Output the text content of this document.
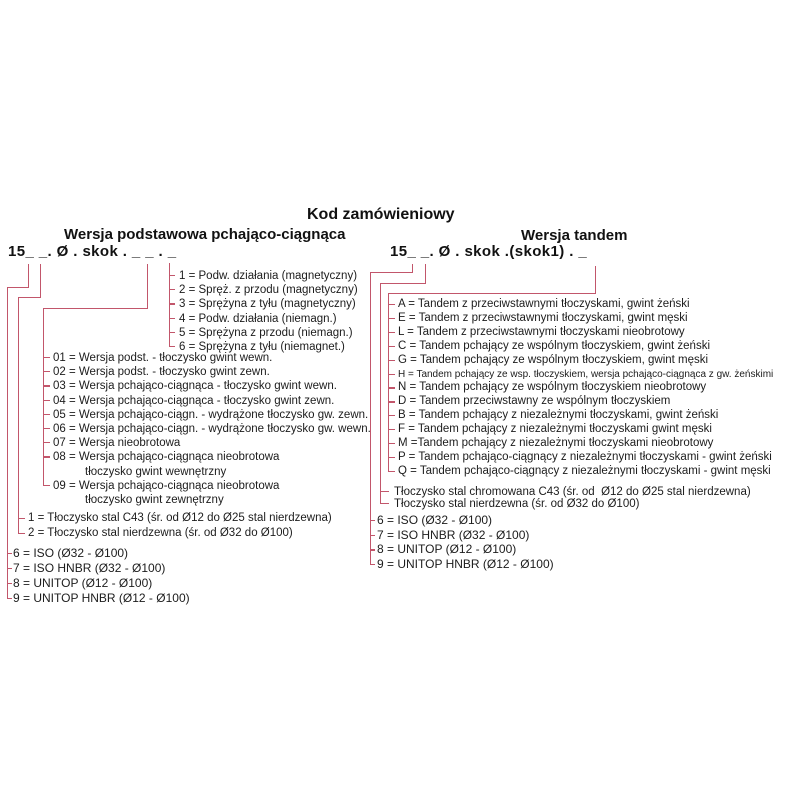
Kod zamówieniowy
Wersja podstawowa pchająco-ciągnąca	Wersja tandem
15_ _. Ø . skok . _ _ . _	15_ _. Ø . skok .(skok1) . _
1 = Podw. działania (magnetyczny)
2 = Spręż. z przodu (magnetyczny)
3 = Sprężyna z tyłu (magnetyczny)
4 = Podw. działania (niemagn.)
5 = Sprężyna z przodu (niemagn.)
6 = Sprężyna z tyłu (niemagnet.)
01 = Wersja podst. - tłoczysko gwint wewn.
02 = Wersja podst. - tłoczysko gwint zewn.
03 = Wersja pchająco-ciągnąca - tłoczysko gwint wewn.
04 = Wersja pchająco-ciągnąca - tłoczysko gwint zewn.
05 = Wersja pchająco-ciągn. - wydrążone tłoczysko gw. zewn.
06 = Wersja pchająco-ciągn. - wydrążone tłoczysko gw. wewn.
07 = Wersja nieobrotowa
08 = Wersja pchająco-ciągnąca nieobrotowa
tłoczysko gwint wewnętrzny
09 = Wersja pchająco-ciągnąca nieobrotowa
tłoczysko gwint zewnętrzny
1 = Tłoczysko stal C43 (śr. od Ø12 do Ø25 stal nierdzewna)
2 = Tłoczysko stal nierdzewna (śr. od Ø32 do Ø100)
6 = ISO (Ø32 - Ø100)
7 = ISO HNBR (Ø32 - Ø100)
8 = UNITOP (Ø12 - Ø100)
9 = UNITOP HNBR (Ø12 - Ø100)
A = Tandem z przeciwstawnymi tłoczyskami, gwint żeński
E = Tandem z przeciwstawnymi tłoczyskami, gwint męski
L = Tandem z przeciwstawnymi tłoczyskami nieobrotowy
C = Tandem pchający ze wspólnym tłoczyskiem, gwint żeński
G = Tandem pchający ze wspólnym tłoczyskiem, gwint męski
H = Tandem pchający ze wsp. tłoczyskiem, wersja pchająco-ciągnąca z gw. żeńskimi
N = Tandem pchający ze wspólnym tłoczyskiem nieobrotowy
D = Tandem przeciwstawny ze wspólnym tłoczyskiem
B = Tandem pchający z niezależnymi tłoczyskami, gwint żeński
F = Tandem pchający z niezależnymi tłoczyskami gwint męski
M =Tandem pchający z niezależnymi tłoczyskami nieobrotowy
P = Tandem pchająco-ciągnący z niezależnymi tłoczyskami - gwint żeński
Q = Tandem pchająco-ciągnący z niezależnymi tłoczyskami - gwint męski
Tłoczysko stal chromowana C43 (śr. od  Ø12 do Ø25 stal nierdzewna)
Tłoczysko stal nierdzewna (śr. od Ø32 do Ø100)
6 = ISO (Ø32 - Ø100)
7 = ISO HNBR (Ø32 - Ø100)
8 = UNITOP (Ø12 - Ø100)
9 = UNITOP HNBR (Ø12 - Ø100)
